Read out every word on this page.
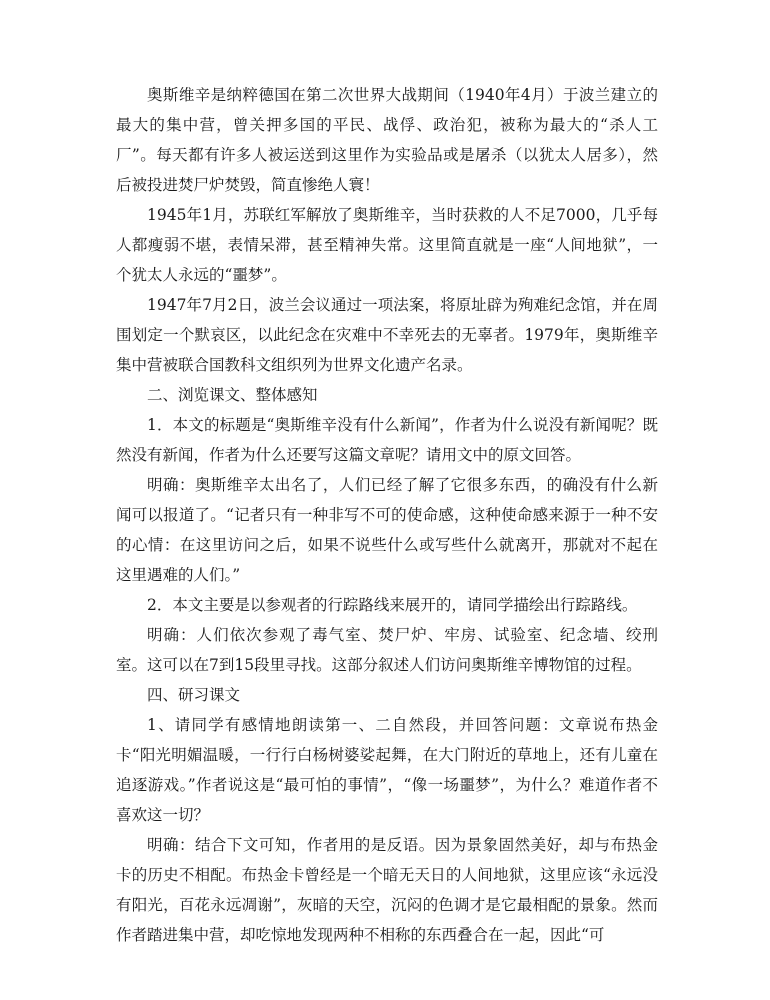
奥斯维辛是纳粹德国在第二次世界大战期间（1940年4月）于波兰建立的最大的集中营，曾关押多国的平民、战俘、政治犯，被称为最大的“杀人工厂”。每天都有许多人被运送到这里作为实验品或是屠杀（以犹太人居多），然后被投进焚尸炉焚毁，简直惨绝人寰！

1945年1月，苏联红军解放了奥斯维辛，当时获救的人不足7000，几乎每人都瘦弱不堪，表情呆滞，甚至精神失常。这里简直就是一座“人间地狱”，一个犹太人永远的“噩梦”。

1947年7月2日，波兰会议通过一项法案，将原址辟为殉难纪念馆，并在周围划定一个默哀区，以此纪念在灾难中不幸死去的无辜者。1979年，奥斯维辛集中营被联合国教科文组织列为世界文化遗产名录。

二、浏览课文、整体感知

1．本文的标题是“奥斯维辛没有什么新闻”，作者为什么说没有新闻呢？既然没有新闻，作者为什么还要写这篇文章呢？请用文中的原文回答。

明确：奥斯维辛太出名了，人们已经了解了它很多东西，的确没有什么新闻可以报道了。“记者只有一种非写不可的使命感，这种使命感来源于一种不安的心情：在这里访问之后，如果不说些什么或写些什么就离开，那就对不起在这里遇难的人们。”

2．本文主要是以参观者的行踪路线来展开的，请同学描绘出行踪路线。

明确：人们依次参观了毒气室、焚尸炉、牢房、试验室、纪念墙、绞刑室。这可以在7到15段里寻找。这部分叙述人们访问奥斯维辛博物馆的过程。

四、研习课文

1、请同学有感情地朗读第一、二自然段，并回答问题：文章说布热金卡“阳光明媚温暖，一行行白杨树婆娑起舞，在大门附近的草地上，还有儿童在追逐游戏。”作者说这是“最可怕的事情”，“像一场噩梦”，为什么？难道作者不喜欢这一切？

明确：结合下文可知，作者用的是反语。因为景象固然美好，却与布热金卡的历史不相配。布热金卡曾经是一个暗无天日的人间地狱，这里应该“永远没有阳光，百花永远凋谢”，灰暗的天空，沉闷的色调才是它最相配的景象。然而作者踏进集中营，却吃惊地发现两种不相称的东西叠合在一起，因此“可
